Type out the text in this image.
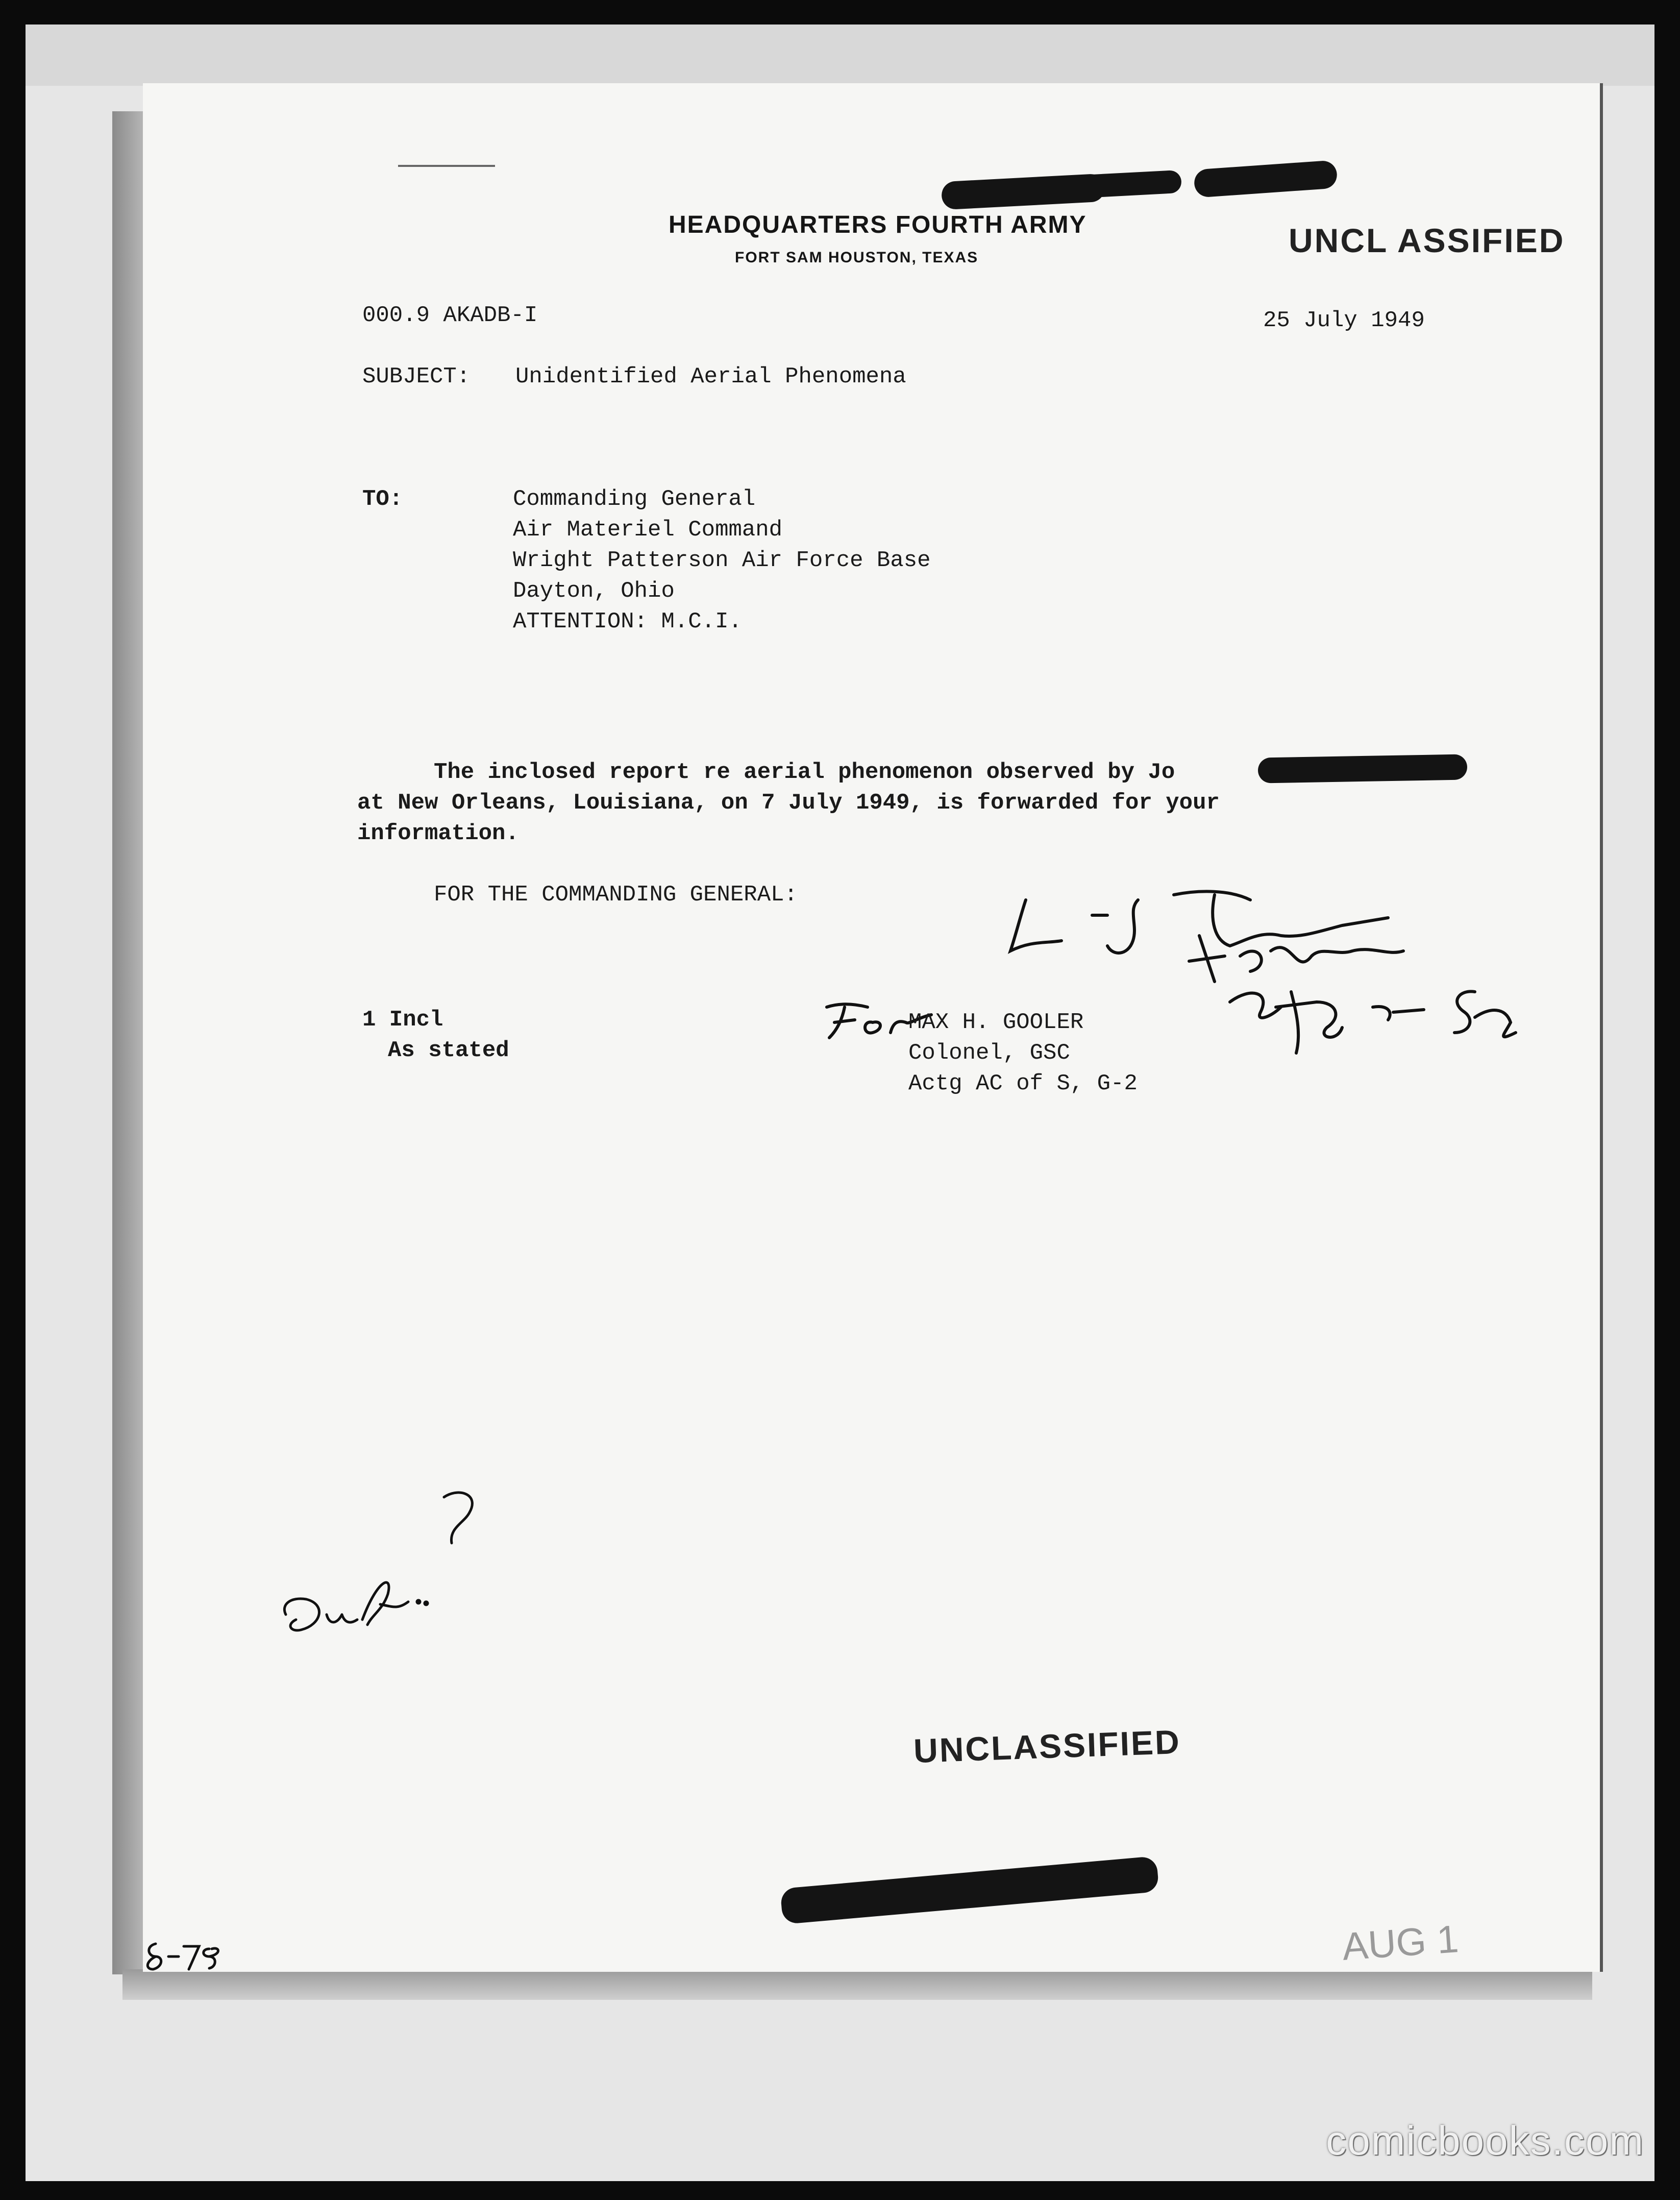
HEADQUARTERS FOURTH ARMY
FORT SAM HOUSTON, TEXAS	UNCL ASSIFIED
000.9 AKADB-I	25 July 1949
SUBJECT: Unidentified Aerial Phenomena
TO:	Commanding General
Air Materiel Command
Wright Patterson Air Force Base
Dayton, Ohio
ATTENTION: M.C.I.
The inclosed report re aerial phenomenon observed by Jo
at New Orleans, Louisiana, on 7 July 1949, is forwarded for your
information.
FOR THE COMMANDING GENERAL:
1 Incl
As stated
MAX H. GOOLER
Colonel, GSC
Actg AC of S, G-2
UNCLASSIFIED
AUG 1
comicbooks.com
